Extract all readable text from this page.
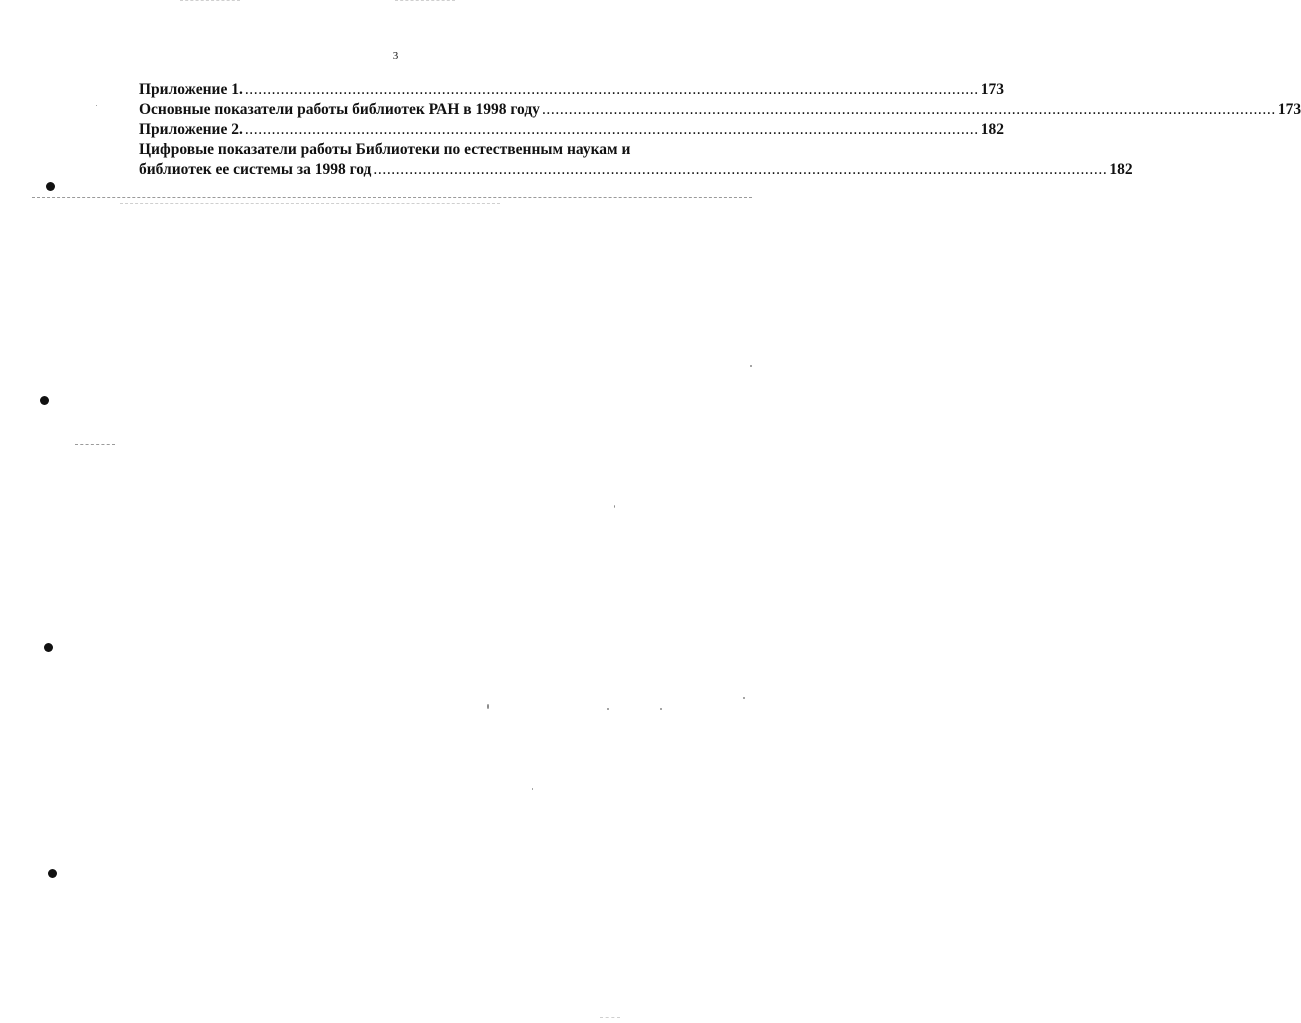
3
Приложение 1. .................................................................................................................................................................... 173
Основные показатели работы библиотек РАН в 1998 году .................................................................................................................................................................... 173
Приложение 2. .................................................................................................................................................................... 182
Цифровые показатели работы Библиотеки по естественным наукам и
библиотек ее системы за 1998 год .................................................................................................................................................................... 182
